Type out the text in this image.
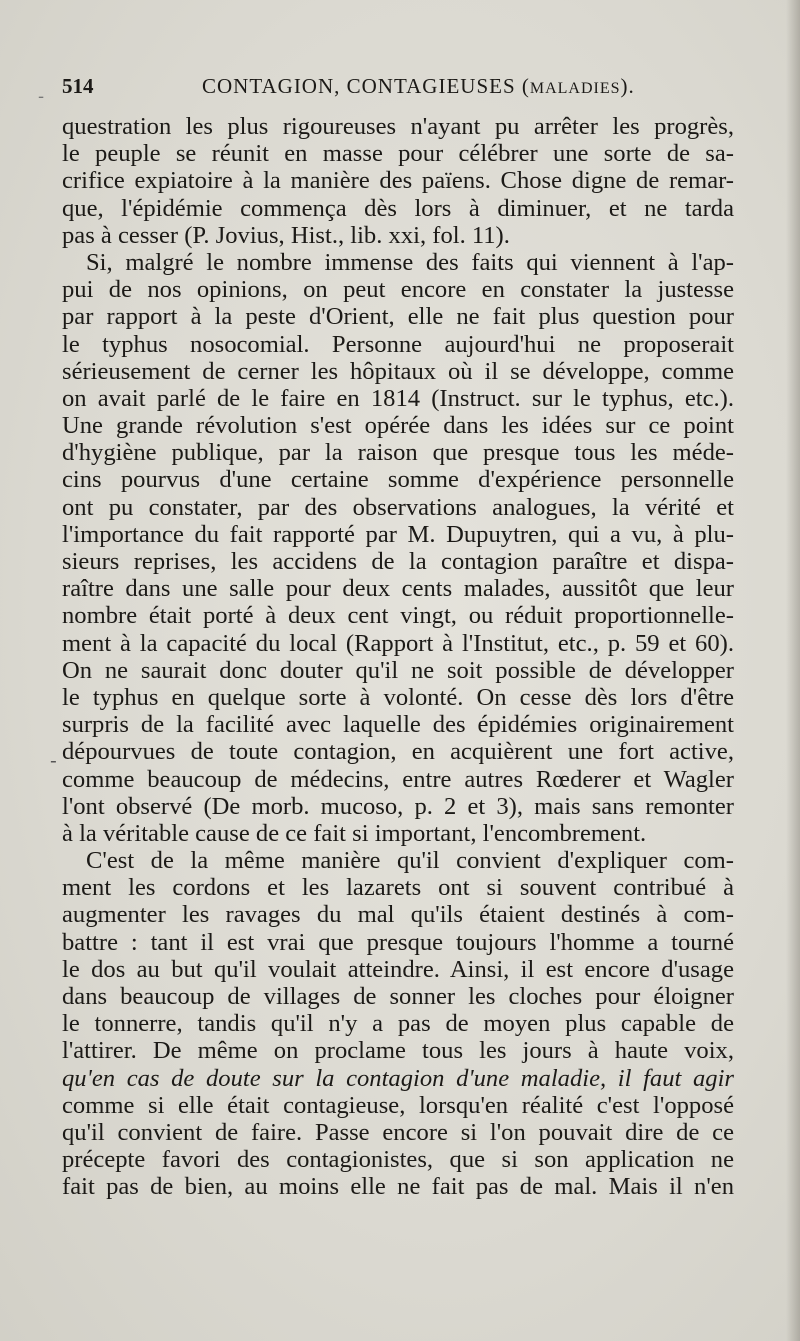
- 514	CONTAGION, CONTAGIEUSES (MALADIES).
questration les plus rigoureuses n'ayant pu arrêter les progrès,
le peuple se réunit en masse pour célébrer une sorte de sa-
crifice expiatoire à la manière des païens. Chose digne de remar-
que, l'épidémie commença dès lors à diminuer, et ne tarda
pas à cesser (P. Jovius, Hist., lib. xxi, fol. 11).
Si, malgré le nombre immense des faits qui viennent à l'ap-
pui de nos opinions, on peut encore en constater la justesse
par rapport à la peste d'Orient, elle ne fait plus question pour
le typhus nosocomial. Personne aujourd'hui ne proposerait
sérieusement de cerner les hôpitaux où il se développe, comme
on avait parlé de le faire en 1814 (Instruct. sur le typhus, etc.).
Une grande révolution s'est opérée dans les idées sur ce point
d'hygiène publique, par la raison que presque tous les méde-
cins pourvus d'une certaine somme d'expérience personnelle
ont pu constater, par des observations analogues, la vérité et
l'importance du fait rapporté par M. Dupuytren, qui a vu, à plu-
sieurs reprises, les accidens de la contagion paraître et dispa-
raître dans une salle pour deux cents malades, aussitôt que leur
nombre était porté à deux cent vingt, ou réduit proportionnelle-
ment à la capacité du local (Rapport à l'Institut, etc., p. 59 et 60).
On ne saurait donc douter qu'il ne soit possible de développer
le typhus en quelque sorte à volonté. On cesse dès lors d'être
surpris de la facilité avec laquelle des épidémies originairement
dépourvues de toute contagion, en acquièrent une fort active,
comme beaucoup de médecins, entre autres Rœderer et Wagler
l'ont observé (De morb. mucoso, p. 2 et 3), mais sans remonter
à la véritable cause de ce fait si important, l'encombrement.
C'est de la même manière qu'il convient d'expliquer com-
ment les cordons et les lazarets ont si souvent contribué à
augmenter les ravages du mal qu'ils étaient destinés à com-
battre : tant il est vrai que presque toujours l'homme a tourné
le dos au but qu'il voulait atteindre. Ainsi, il est encore d'usage
dans beaucoup de villages de sonner les cloches pour éloigner
le tonnerre, tandis qu'il n'y a pas de moyen plus capable de
l'attirer. De même on proclame tous les jours à haute voix,
qu'en cas de doute sur la contagion d'une maladie, il faut agir
comme si elle était contagieuse, lorsqu'en réalité c'est l'opposé
qu'il convient de faire. Passe encore si l'on pouvait dire de ce
précepte favori des contagionistes, que si son application ne
fait pas de bien, au moins elle ne fait pas de mal. Mais il n'en
-
